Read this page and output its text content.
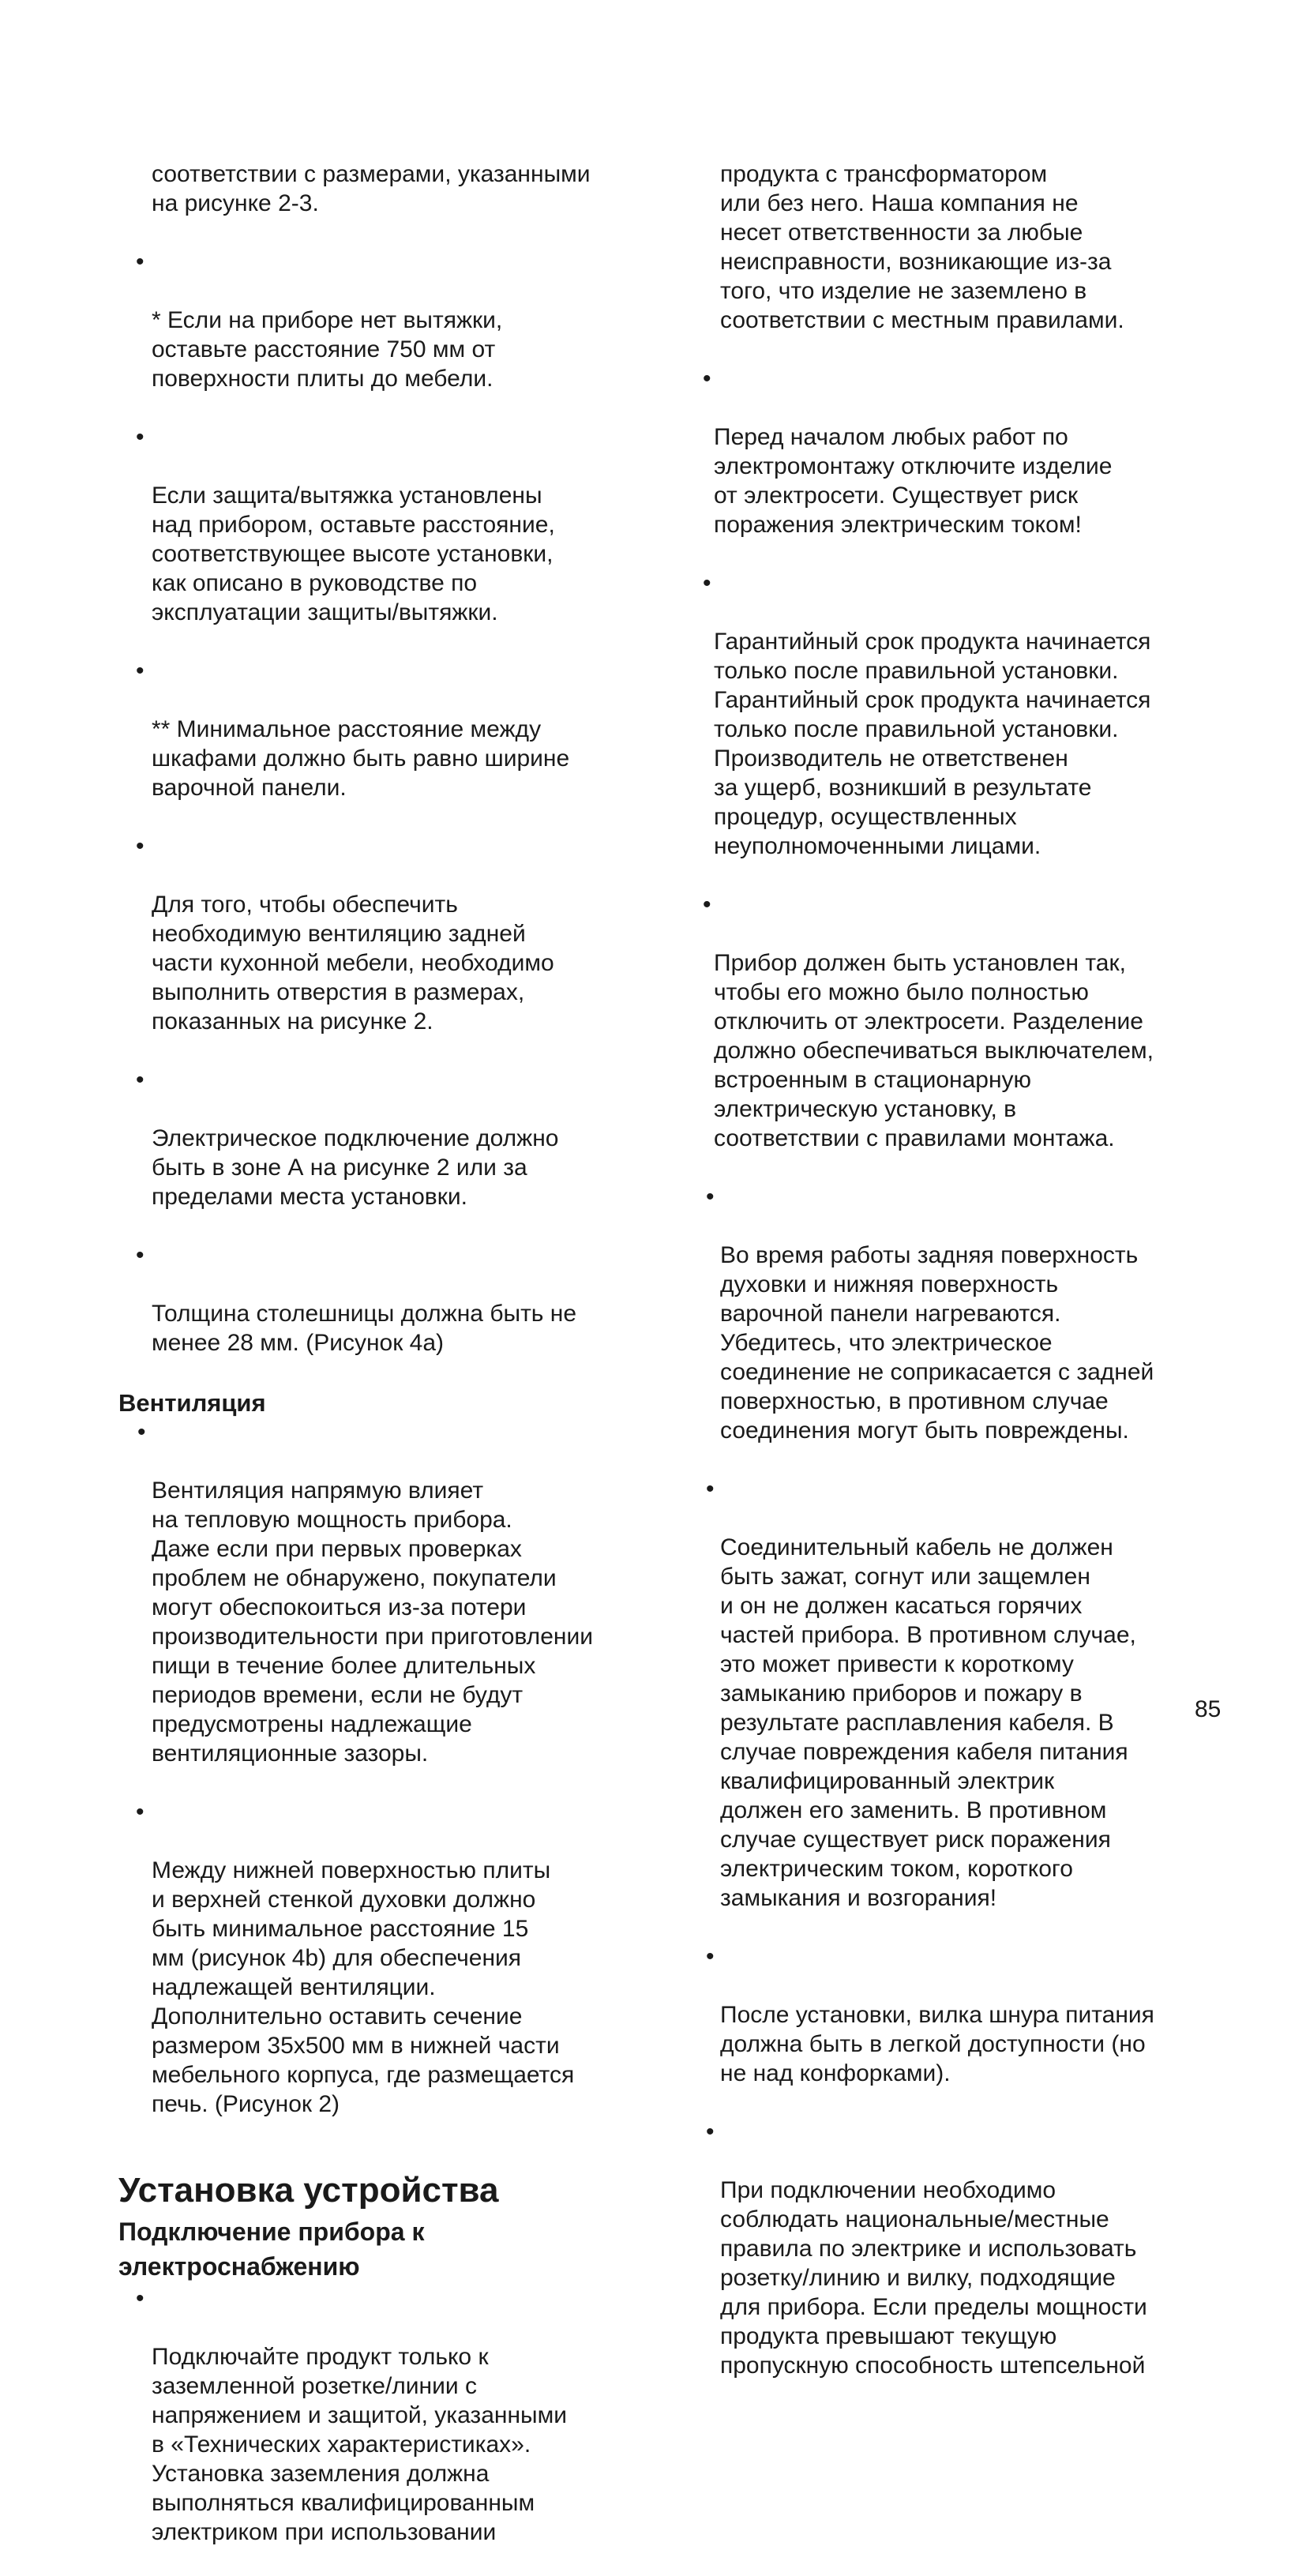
соответствии с размерами, указанными
на рисунке 2-3.

•

* Если на приборе нет вытяжки,
оставьте расстояние 750 мм от
поверхности плиты до мебели.

•

Если защита/вытяжка установлены
над прибором, оставьте расстояние,
соответствующее высоте установки,
как описано в руководстве по
эксплуатации защиты/вытяжки.

•

** Минимальное расстояние между
шкафами должно быть равно ширине
варочной панели.

•

Для того, чтобы обеспечить
необходимую вентиляцию задней
части кухонной мебели, необходимо
выполнить отверстия в размерах,
показанных на рисунке 2.

•

Электрическое подключение должно
быть в зоне А на рисунке 2 или за
пределами места установки.

•

Толщина столешницы должна быть не
менее 28 мм. (Рисунок 4а)

Вентиляция

•

Вентиляция напрямую влияет
на тепловую мощность прибора.
Даже если при первых проверках
проблем не обнаружено, покупатели
могут обеспокоиться из-за потери
производительности при приготовлении
пищи в течение более длительных
периодов времени, если не будут
предусмотрены надлежащие
вентиляционные зазоры.

•

Между нижней поверхностью плиты
и верхней стенкой духовки должно
быть минимальное расстояние 15
мм (рисунок 4b) для обеспечения
надлежащей вентиляции.
Дополнительно оставить сечение
размером 35х500 мм в нижней части
мебельного корпуса, где размещается
печь. (Рисунок 2)

Установка устройства
Подключение прибора к
электроснабжению

•

Подключайте продукт только к
заземленной розетке/линии с
напряжением и защитой, указанными
в «Технических характеристиках».
Установка заземления должна
выполняться квалифицированным
электриком при использовании

продукта с трансформатором
или без него. Наша компания не
несет ответственности за любые
неисправности, возникающие из-за
того, что изделие не заземлено в
соответствии с местным правилами.

•

Перед началом любых работ по
электромонтажу отключите изделие
от электросети. Существует риск
поражения электрическим током!

•

Гарантийный срок продукта начинается
только после правильной установки.
Гарантийный срок продукта начинается
только после правильной установки.
Производитель не ответственен
за ущерб, возникший в результате
процедур, осуществленных
неуполномоченными лицами.

•

Прибор должен быть установлен так,
чтобы его можно было полностью
отключить от электросети. Разделение
должно обеспечиваться выключателем,
встроенным в стационарную
электрическую установку, в
соответствии с правилами монтажа.

•

Во время работы задняя поверхность
духовки и нижняя поверхность
варочной панели нагреваются.
Убедитесь, что электрическое
соединение не соприкасается с задней
поверхностью, в противном случае
соединения могут быть повреждены.

•

Соединительный кабель не должен
быть зажат, согнут или защемлен
и он не должен касаться горячих
частей прибора. В противном случае,
это может привести к короткому
замыканию приборов и пожару в
результате расплавления кабеля. В
случае повреждения кабеля питания
квалифицированный электрик
должен его заменить. В противном
случае существует риск поражения
электрическим током, короткого
замыкания и возгорания!

•

После установки, вилка шнура питания
должна быть в легкой доступности (но
не над конфорками).

•

При подключении необходимо
соблюдать национальные/местные
правила по электрике и использовать
розетку/линию и вилку, подходящие
для прибора. Если пределы мощности
продукта превышают текущую
пропускную способность штепсельной

85
